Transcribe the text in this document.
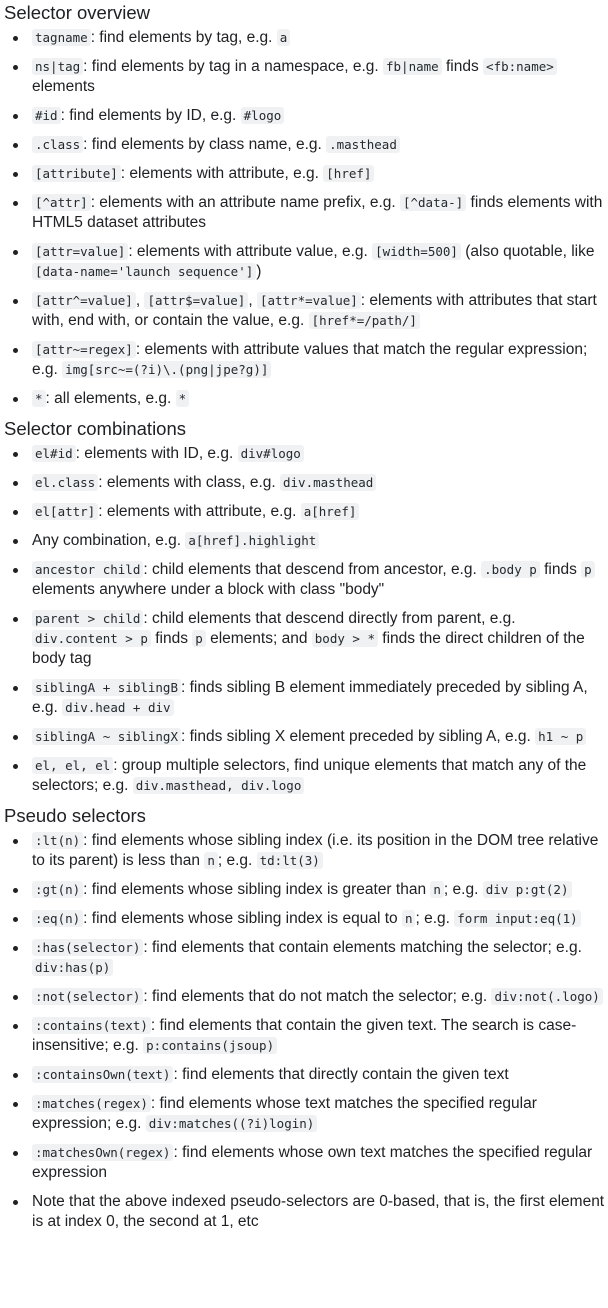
Selector overview
tagname : find elements by tag, e.g. a
ns|tag : find elements by tag in a namespace, e.g. fb|name finds <fb:name> elements
#id : find elements by ID, e.g. #logo
.class : find elements by class name, e.g. .masthead
[attribute] : elements with attribute, e.g. [href]
[^attr] : elements with an attribute name prefix, e.g. [^data-] finds elements with HTML5 dataset attributes
[attr=value] : elements with attribute value, e.g. [width=500] (also quotable, like [data-name='launch sequence'] )
[attr^=value] , [attr$=value] , [attr*=value] : elements with attributes that start with, end with, or contain the value, e.g. [href*=/path/]
[attr~=regex] : elements with attribute values that match the regular expression; e.g. img[src~=(?i)\.(png|jpe?g)]
* : all elements, e.g. *
Selector combinations
el#id : elements with ID, e.g. div#logo
el.class : elements with class, e.g. div.masthead
el[attr] : elements with attribute, e.g. a[href]
Any combination, e.g. a[href].highlight
ancestor child : child elements that descend from ancestor, e.g. .body p finds p elements anywhere under a block with class "body"
parent > child : child elements that descend directly from parent, e.g. div.content > p finds p elements; and body > * finds the direct children of the body tag
siblingA + siblingB : finds sibling B element immediately preceded by sibling A, e.g. div.head + div
siblingA ~ siblingX : finds sibling X element preceded by sibling A, e.g. h1 ~ p
el, el, el : group multiple selectors, find unique elements that match any of the selectors; e.g. div.masthead, div.logo
Pseudo selectors
:lt(n) : find elements whose sibling index (i.e. its position in the DOM tree relative to its parent) is less than n ; e.g. td:lt(3)
:gt(n) : find elements whose sibling index is greater than n ; e.g. div p:gt(2)
:eq(n) : find elements whose sibling index is equal to n ; e.g. form input:eq(1)
:has(selector) : find elements that contain elements matching the selector; e.g. div:has(p)
:not(selector) : find elements that do not match the selector; e.g. div:not(.logo)
:contains(text) : find elements that contain the given text. The search is case-insensitive; e.g. p:contains(jsoup)
:containsOwn(text) : find elements that directly contain the given text
:matches(regex) : find elements whose text matches the specified regular expression; e.g. div:matches((?i)login)
:matchesOwn(regex) : find elements whose own text matches the specified regular expression
Note that the above indexed pseudo-selectors are 0-based, that is, the first element is at index 0, the second at 1, etc
